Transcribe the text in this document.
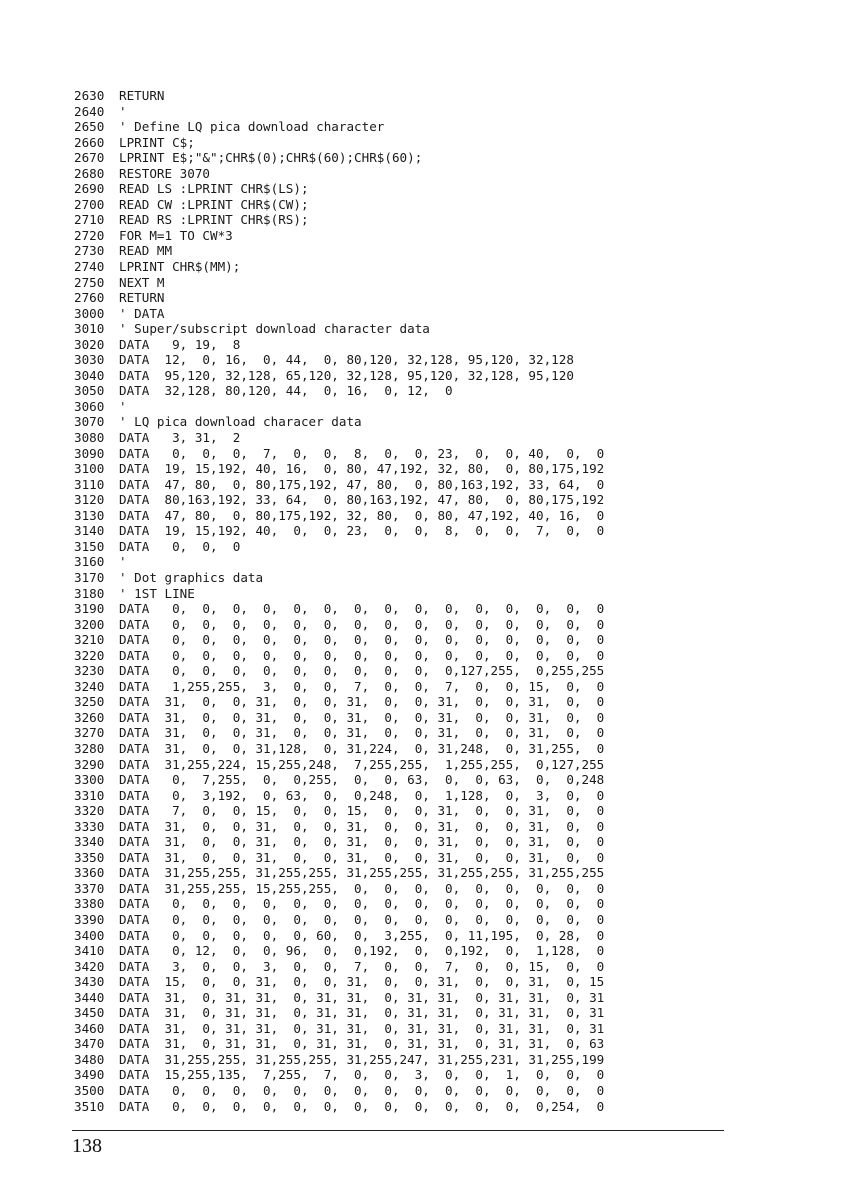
2630 RETURN
2640 '
2650 ' Define LQ pica download character
2660 LPRINT C$;
2670 LPRINT E$;"&";CHR$(0);CHR$(60);CHR$(60);
2680 RESTORE 3070
2690 READ LS :LPRINT CHR$(LS);
2700 READ CW :LPRINT CHR$(CW);
2710 READ RS :LPRINT CHR$(RS);
2720 FOR M=1 TO CW*3
2730 READ MM
2740 LPRINT CHR$(MM);
2750 NEXT M
2760 RETURN
3000 ' DATA
3010 ' Super/subscript download character data
3020 DATA   9, 19,  8
3030 DATA  12,  0, 16,  0, 44,  0, 80,120, 32,128, 95,120, 32,128
3040 DATA  95,120, 32,128, 65,120, 32,128, 95,120, 32,128, 95,120
3050 DATA  32,128, 80,120, 44,  0, 16,  0, 12,  0
3060 '
3070 ' LQ pica download characer data
3080 DATA   3, 31,  2
3090 DATA   0,  0,  0,  7,  0,  0,  8,  0,  0, 23,  0,  0, 40,  0,  0
3100 DATA  19, 15,192, 40, 16,  0, 80, 47,192, 32, 80,  0, 80,175,192
3110 DATA  47, 80,  0, 80,175,192, 47, 80,  0, 80,163,192, 33, 64,  0
3120 DATA  80,163,192, 33, 64,  0, 80,163,192, 47, 80,  0, 80,175,192
3130 DATA  47, 80,  0, 80,175,192, 32, 80,  0, 80, 47,192, 40, 16,  0
3140 DATA  19, 15,192, 40,  0,  0, 23,  0,  0,  8,  0,  0,  7,  0,  0
3150 DATA   0,  0,  0
3160 '
3170 ' Dot graphics data
3180 ' 1ST LINE
3190 DATA   0,  0,  0,  0,  0,  0,  0,  0,  0,  0,  0,  0,  0,  0,  0
3200 DATA   0,  0,  0,  0,  0,  0,  0,  0,  0,  0,  0,  0,  0,  0,  0
3210 DATA   0,  0,  0,  0,  0,  0,  0,  0,  0,  0,  0,  0,  0,  0,  0
3220 DATA   0,  0,  0,  0,  0,  0,  0,  0,  0,  0,  0,  0,  0,  0,  0
3230 DATA   0,  0,  0,  0,  0,  0,  0,  0,  0,  0,127,255,  0,255,255
3240 DATA   1,255,255,  3,  0,  0,  7,  0,  0,  7,  0,  0, 15,  0,  0
3250 DATA  31,  0,  0, 31,  0,  0, 31,  0,  0, 31,  0,  0, 31,  0,  0
3260 DATA  31,  0,  0, 31,  0,  0, 31,  0,  0, 31,  0,  0, 31,  0,  0
3270 DATA  31,  0,  0, 31,  0,  0, 31,  0,  0, 31,  0,  0, 31,  0,  0
3280 DATA  31,  0,  0, 31,128,  0, 31,224,  0, 31,248,  0, 31,255,  0
3290 DATA  31,255,224, 15,255,248,  7,255,255,  1,255,255,  0,127,255
3300 DATA   0,  7,255,  0,  0,255,  0,  0, 63,  0,  0, 63,  0,  0,248
3310 DATA   0,  3,192,  0, 63,  0,  0,248,  0,  1,128,  0,  3,  0,  0
3320 DATA   7,  0,  0, 15,  0,  0, 15,  0,  0, 31,  0,  0, 31,  0,  0
3330 DATA  31,  0,  0, 31,  0,  0, 31,  0,  0, 31,  0,  0, 31,  0,  0
3340 DATA  31,  0,  0, 31,  0,  0, 31,  0,  0, 31,  0,  0, 31,  0,  0
3350 DATA  31,  0,  0, 31,  0,  0, 31,  0,  0, 31,  0,  0, 31,  0,  0
3360 DATA  31,255,255, 31,255,255, 31,255,255, 31,255,255, 31,255,255
3370 DATA  31,255,255, 15,255,255,  0,  0,  0,  0,  0,  0,  0,  0,  0
3380 DATA   0,  0,  0,  0,  0,  0,  0,  0,  0,  0,  0,  0,  0,  0,  0
3390 DATA   0,  0,  0,  0,  0,  0,  0,  0,  0,  0,  0,  0,  0,  0,  0
3400 DATA   0,  0,  0,  0,  0, 60,  0,  3,255,  0, 11,195,  0, 28,  0
3410 DATA   0, 12,  0,  0, 96,  0,  0,192,  0,  0,192,  0,  1,128,  0
3420 DATA   3,  0,  0,  3,  0,  0,  7,  0,  0,  7,  0,  0, 15,  0,  0
3430 DATA  15,  0,  0, 31,  0,  0, 31,  0,  0, 31,  0,  0, 31,  0, 15
3440 DATA  31,  0, 31, 31,  0, 31, 31,  0, 31, 31,  0, 31, 31,  0, 31
3450 DATA  31,  0, 31, 31,  0, 31, 31,  0, 31, 31,  0, 31, 31,  0, 31
3460 DATA  31,  0, 31, 31,  0, 31, 31,  0, 31, 31,  0, 31, 31,  0, 31
3470 DATA  31,  0, 31, 31,  0, 31, 31,  0, 31, 31,  0, 31, 31,  0, 63
3480 DATA  31,255,255, 31,255,255, 31,255,247, 31,255,231, 31,255,199
3490 DATA  15,255,135,  7,255,  7,  0,  0,  3,  0,  0,  1,  0,  0,  0
3500 DATA   0,  0,  0,  0,  0,  0,  0,  0,  0,  0,  0,  0,  0,  0,  0
3510 DATA   0,  0,  0,  0,  0,  0,  0,  0,  0,  0,  0,  0,  0,254,  0
138
